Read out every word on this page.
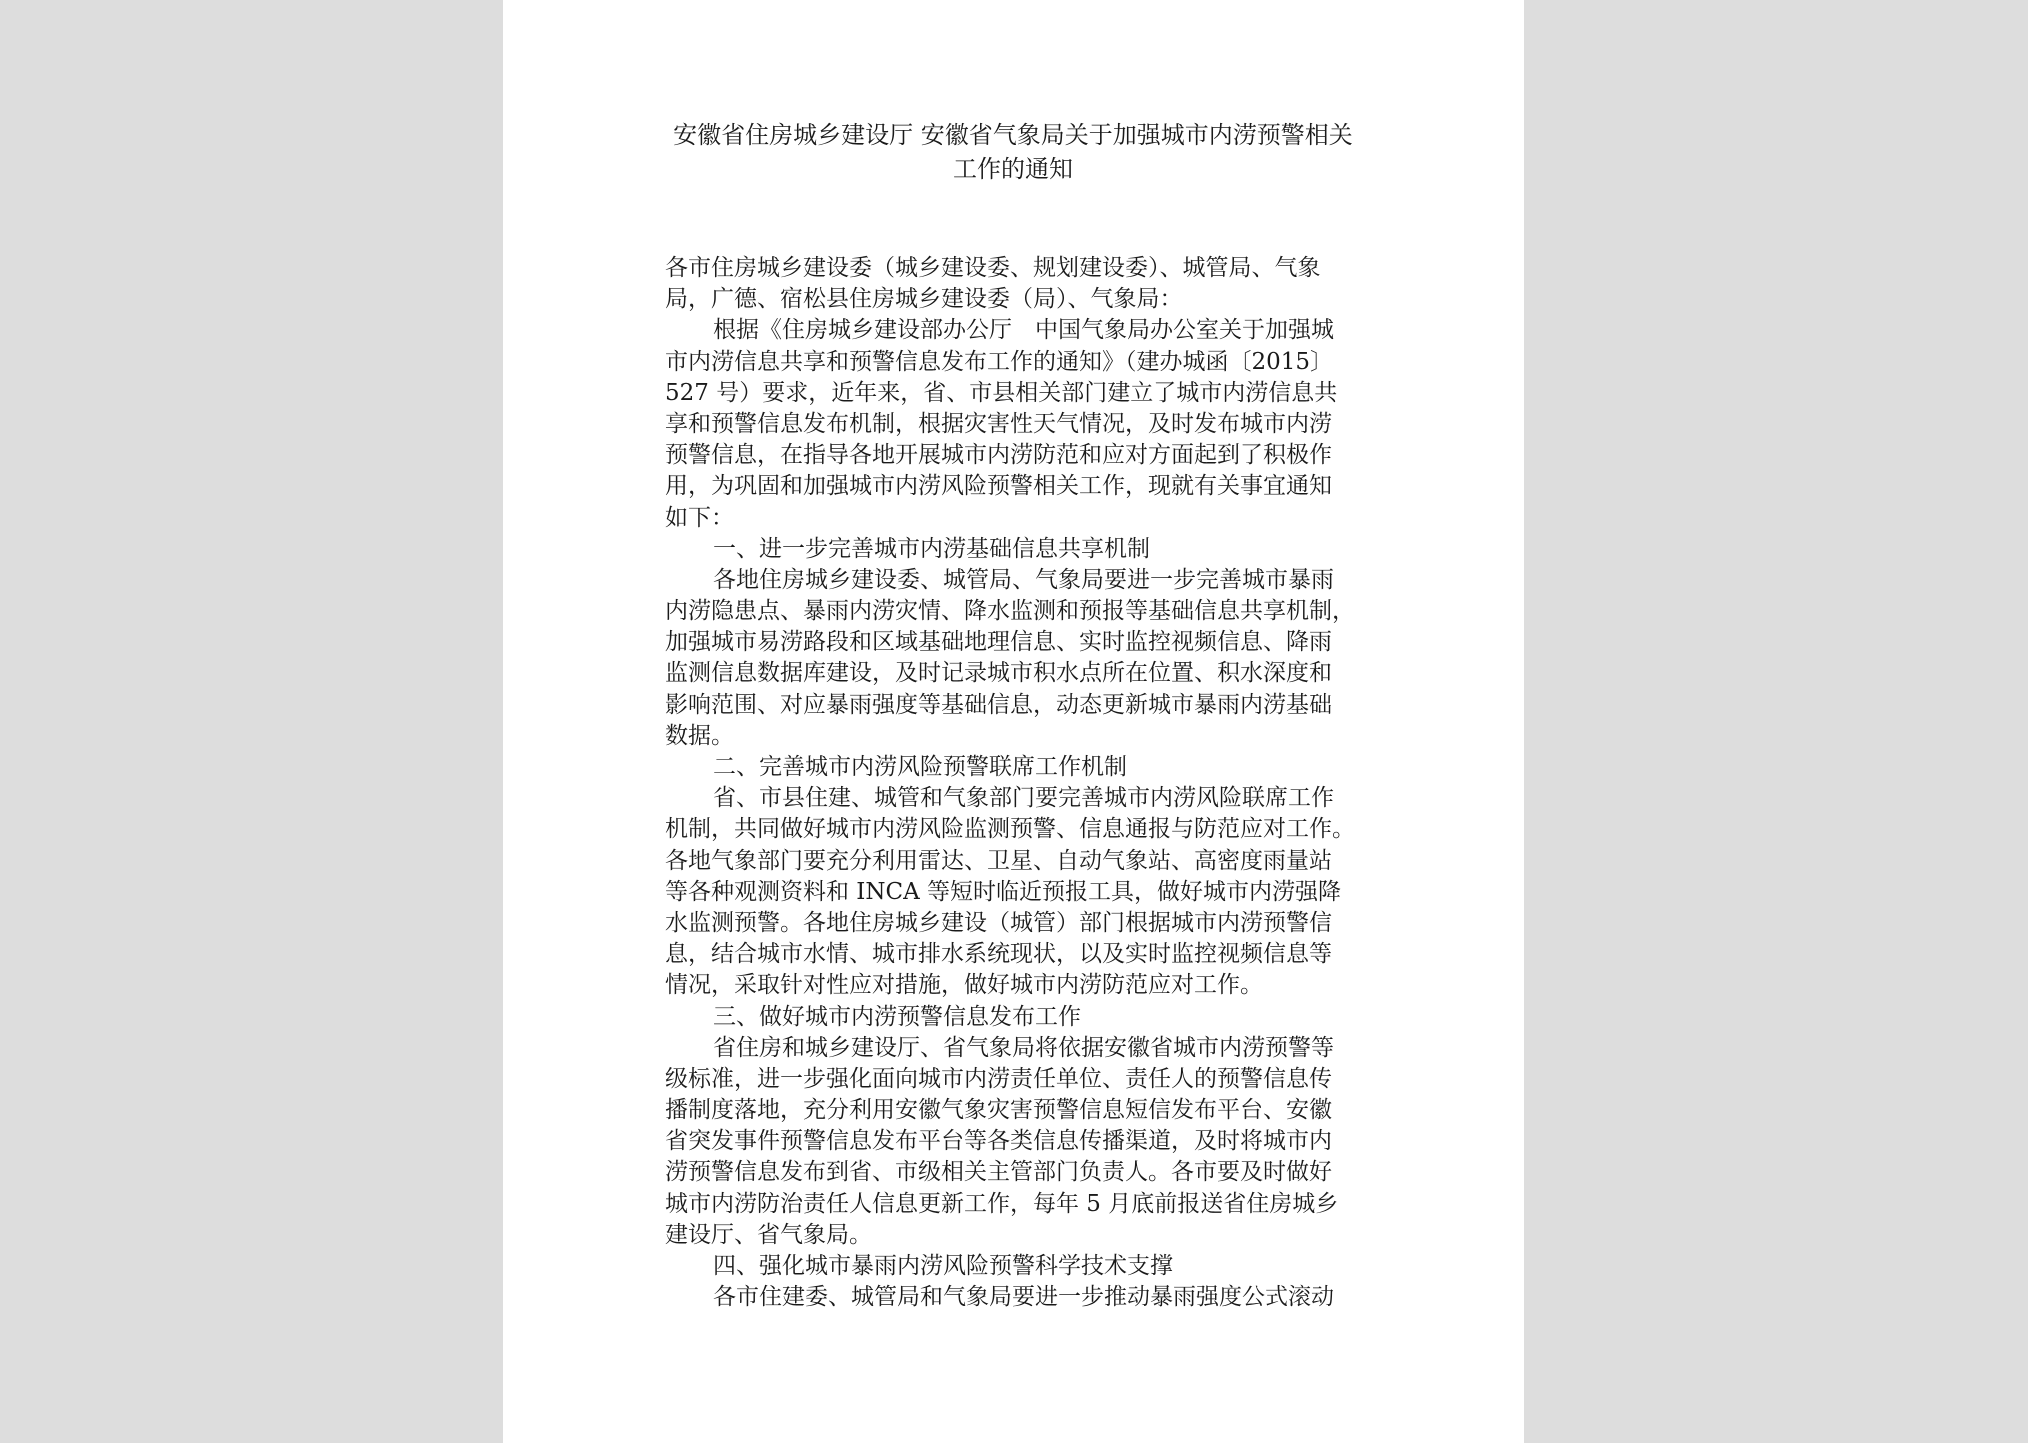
安徽省住房城乡建设厅 安徽省气象局关于加强城市内涝预警相关
工作的通知
各市住房城乡建设委（城乡建设委、规划建设委）、城管局、气象
局，广德、宿松县住房城乡建设委（局）、气象局：
根据《住房城乡建设部办公厅　中国气象局办公室关于加强城
市内涝信息共享和预警信息发布工作的通知》（建办城函〔2015〕
527 号）要求，近年来，省、市县相关部门建立了城市内涝信息共
享和预警信息发布机制，根据灾害性天气情况，及时发布城市内涝
预警信息，在指导各地开展城市内涝防范和应对方面起到了积极作
用，为巩固和加强城市内涝风险预警相关工作，现就有关事宜通知
如下：
一、进一步完善城市内涝基础信息共享机制
各地住房城乡建设委、城管局、气象局要进一步完善城市暴雨
内涝隐患点、暴雨内涝灾情、降水监测和预报等基础信息共享机制，
加强城市易涝路段和区域基础地理信息、实时监控视频信息、降雨
监测信息数据库建设，及时记录城市积水点所在位置、积水深度和
影响范围、对应暴雨强度等基础信息，动态更新城市暴雨内涝基础
数据。
二、完善城市内涝风险预警联席工作机制
省、市县住建、城管和气象部门要完善城市内涝风险联席工作
机制，共同做好城市内涝风险监测预警、信息通报与防范应对工作。
各地气象部门要充分利用雷达、卫星、自动气象站、高密度雨量站
等各种观测资料和 INCA 等短时临近预报工具，做好城市内涝强降
水监测预警。各地住房城乡建设（城管）部门根据城市内涝预警信
息，结合城市水情、城市排水系统现状，以及实时监控视频信息等
情况，采取针对性应对措施，做好城市内涝防范应对工作。
三、做好城市内涝预警信息发布工作
省住房和城乡建设厅、省气象局将依据安徽省城市内涝预警等
级标准，进一步强化面向城市内涝责任单位、责任人的预警信息传
播制度落地，充分利用安徽气象灾害预警信息短信发布平台、安徽
省突发事件预警信息发布平台等各类信息传播渠道，及时将城市内
涝预警信息发布到省、市级相关主管部门负责人。各市要及时做好
城市内涝防治责任人信息更新工作，每年 5 月底前报送省住房城乡
建设厅、省气象局。
四、强化城市暴雨内涝风险预警科学技术支撑
各市住建委、城管局和气象局要进一步推动暴雨强度公式滚动
